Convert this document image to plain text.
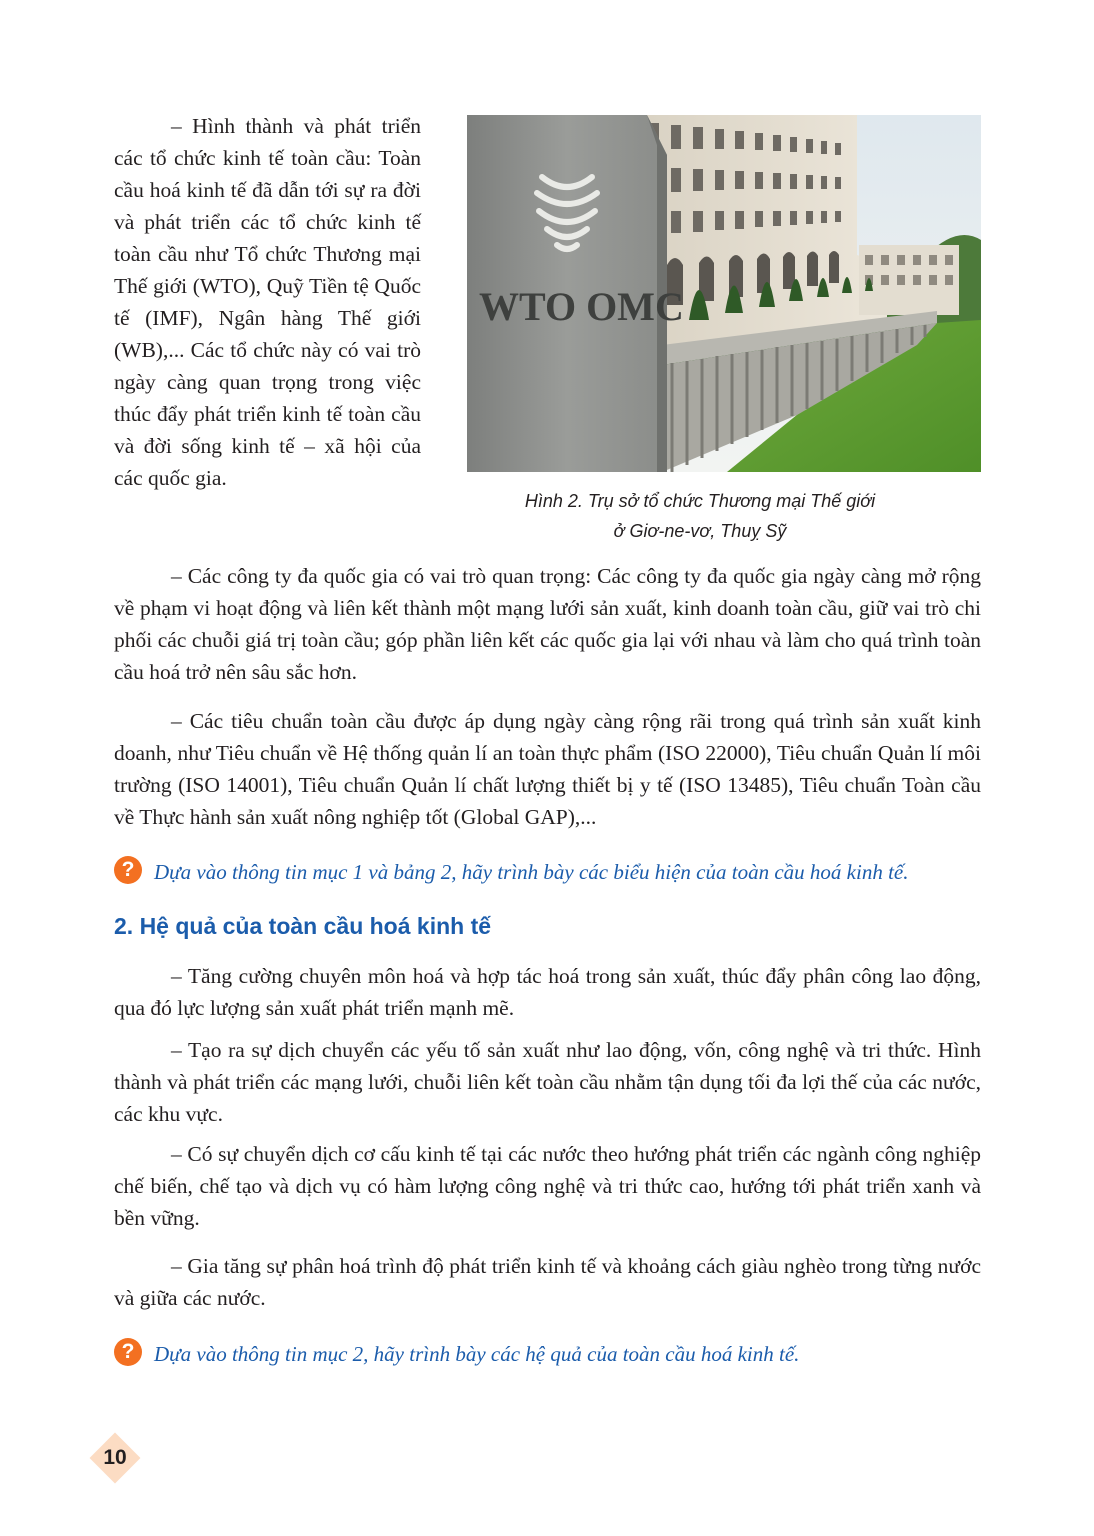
– Hình thành và phát triển các tổ chức kinh tế toàn cầu: Toàn cầu hoá kinh tế đã dẫn tới sự ra đời và phát triển các tổ chức kinh tế toàn cầu như Tổ chức Thương mại Thế giới (WTO), Quỹ Tiền tệ Quốc tế (IMF), Ngân hàng Thế giới (WB),... Các tổ chức này có vai trò ngày càng quan trọng trong việc thúc đẩy phát triển kinh tế toàn cầu và đời sống kinh tế – xã hội của các quốc gia.

WTO OMC
Hình 2. Trụ sở tổ chức Thương mại Thế giới
ở Giơ-ne-vơ, Thuỵ Sỹ

– Các công ty đa quốc gia có vai trò quan trọng: Các công ty đa quốc gia ngày càng mở rộng về phạm vi hoạt động và liên kết thành một mạng lưới sản xuất, kinh doanh toàn cầu, giữ vai trò chi phối các chuỗi giá trị toàn cầu; góp phần liên kết các quốc gia lại với nhau và làm cho quá trình toàn cầu hoá trở nên sâu sắc hơn.

– Các tiêu chuẩn toàn cầu được áp dụng ngày càng rộng rãi trong quá trình sản xuất kinh doanh, như Tiêu chuẩn về Hệ thống quản lí an toàn thực phẩm (ISO 22000), Tiêu chuẩn Quản lí môi trường (ISO 14001), Tiêu chuẩn Quản lí chất lượng thiết bị y tế (ISO 13485), Tiêu chuẩn Toàn cầu về Thực hành sản xuất nông nghiệp tốt (Global GAP),...

? Dựa vào thông tin mục 1 và bảng 2, hãy trình bày các biểu hiện của toàn cầu hoá kinh tế.
2. Hệ quả của toàn cầu hoá kinh tế

– Tăng cường chuyên môn hoá và hợp tác hoá trong sản xuất, thúc đẩy phân công lao động, qua đó lực lượng sản xuất phát triển mạnh mẽ.

– Tạo ra sự dịch chuyển các yếu tố sản xuất như lao động, vốn, công nghệ và tri thức. Hình thành và phát triển các mạng lưới, chuỗi liên kết toàn cầu nhằm tận dụng tối đa lợi thế của các nước, các khu vực.

– Có sự chuyển dịch cơ cấu kinh tế tại các nước theo hướng phát triển các ngành công nghiệp chế biến, chế tạo và dịch vụ có hàm lượng công nghệ và tri thức cao, hướng tới phát triển xanh và bền vững.

– Gia tăng sự phân hoá trình độ phát triển kinh tế và khoảng cách giàu nghèo trong từng nước và giữa các nước.

? Dựa vào thông tin mục 2, hãy trình bày các hệ quả của toàn cầu hoá kinh tế.
10
